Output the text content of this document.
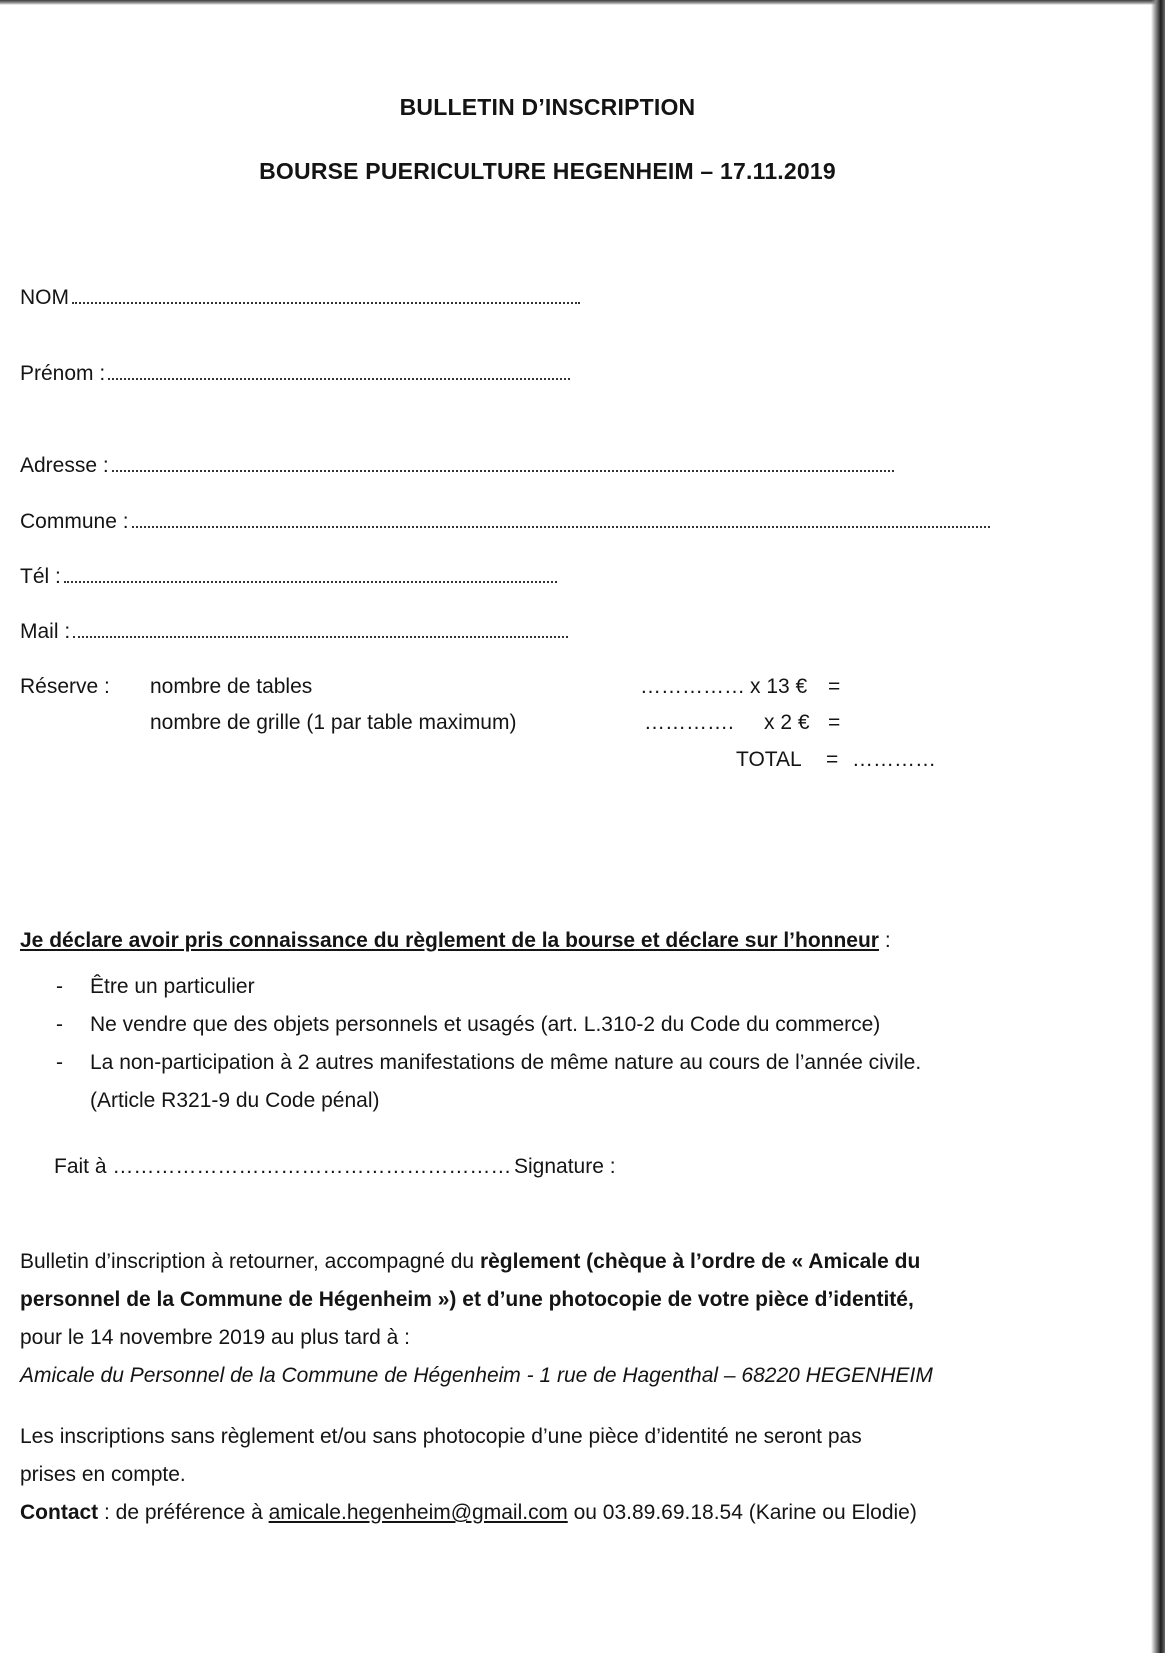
BULLETIN D’INSCRIPTION
BOURSE PUERICULTURE HEGENHEIM – 17.11.2019
NOM
Prénom :
Adresse :
Commune :
Tél :
Mail :
Réserve : nombre de tables	…………… x 13 € =
nombre de grille (1 par table maximum)	…………. x 2 € =
TOTAL = …………
Je déclare avoir pris connaissance du règlement de la bourse et déclare sur l’honneur :
- Être un particulier
- Ne vendre que des objets personnels et usagés (art. L.310-2 du Code du commerce)
- La non-participation à 2 autres manifestations de même nature au cours de l’année civile.
(Article R321-9 du Code pénal)
Fait à ………………………………………………… Signature :
Bulletin d’inscription à retourner, accompagné du règlement (chèque à l’ordre de « Amicale du
personnel de la Commune de Hégenheim ») et d’une photocopie de votre pièce d’identité,
pour le 14 novembre 2019 au plus tard à :
Amicale du Personnel de la Commune de Hégenheim - 1 rue de Hagenthal – 68220 HEGENHEIM
Les inscriptions sans règlement et/ou sans photocopie d’une pièce d’identité ne seront pas
prises en compte.
Contact : de préférence à amicale.hegenheim@gmail.com ou 03.89.69.18.54 (Karine ou Elodie)
